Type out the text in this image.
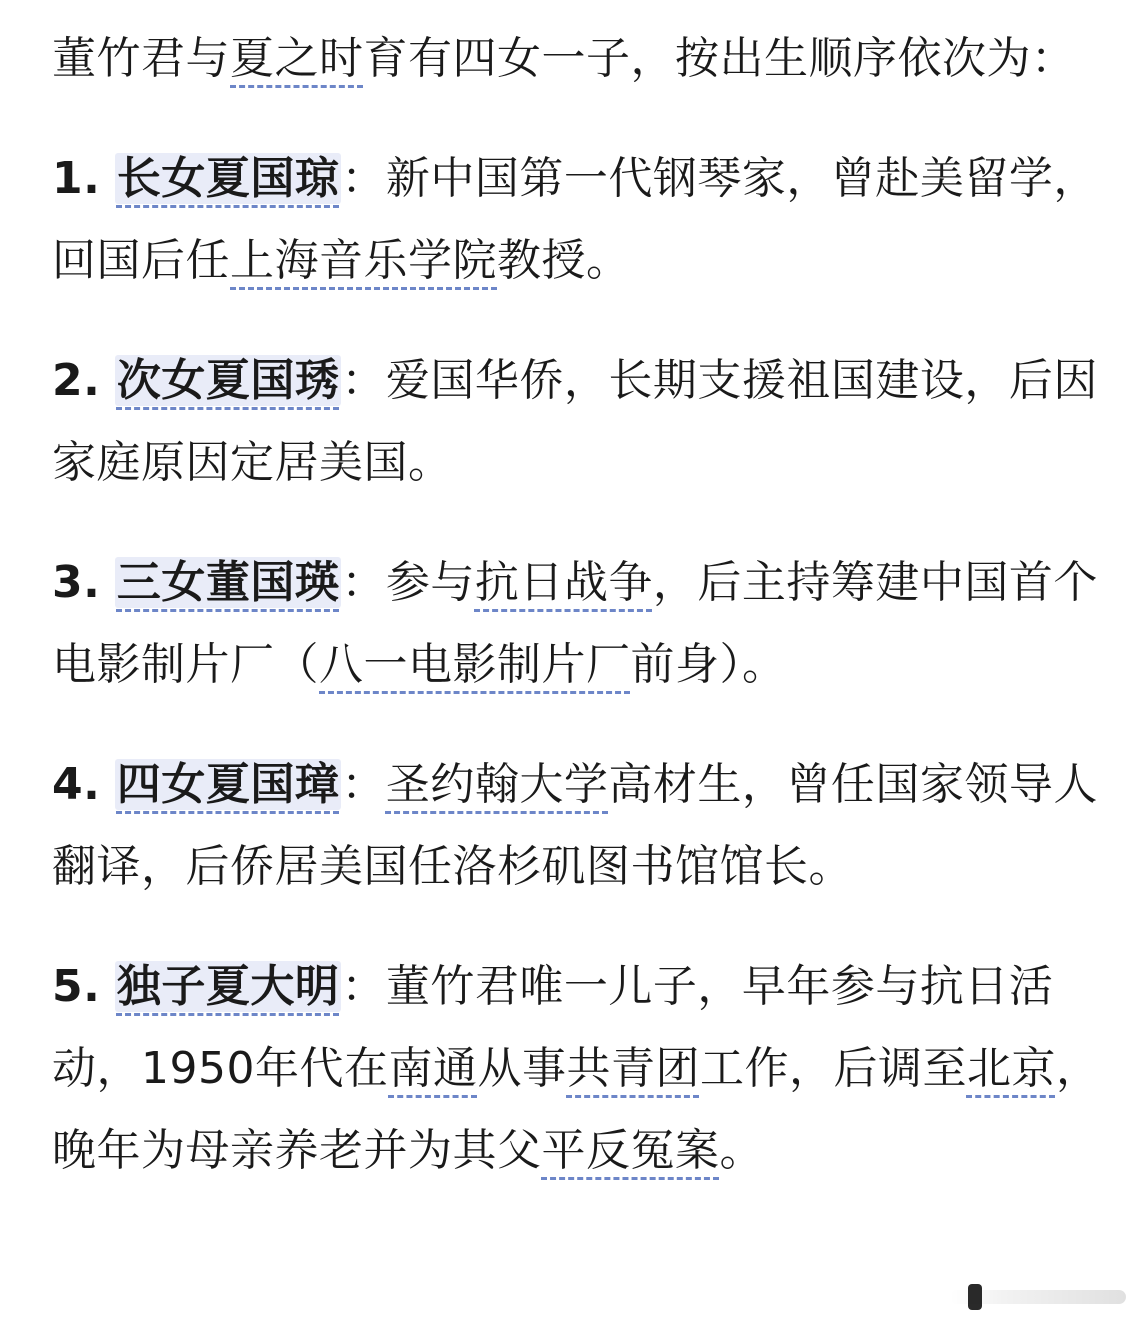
董竹君与夏之时育有四女一子，按出生顺序依次为：

1. 长女夏国琼：新中国第一代钢琴家，曾赴美留学，回国后任上海音乐学院教授。

2. 次女夏国琇：爱国华侨，长期支援祖国建设，后因家庭原因定居美国。

3. 三女董国瑛：参与抗日战争，后主持筹建中国首个电影制片厂（八一电影制片厂前身）。

4. 四女夏国璋：圣约翰大学高材生，曾任国家领导人翻译，后侨居美国任洛杉矶图书馆馆长。

5. 独子夏大明：董竹君唯一儿子，早年参与抗日活动，1950年代在南通从事共青团工作，后调至北京，晚年为母亲养老并为其父平反冤案。
